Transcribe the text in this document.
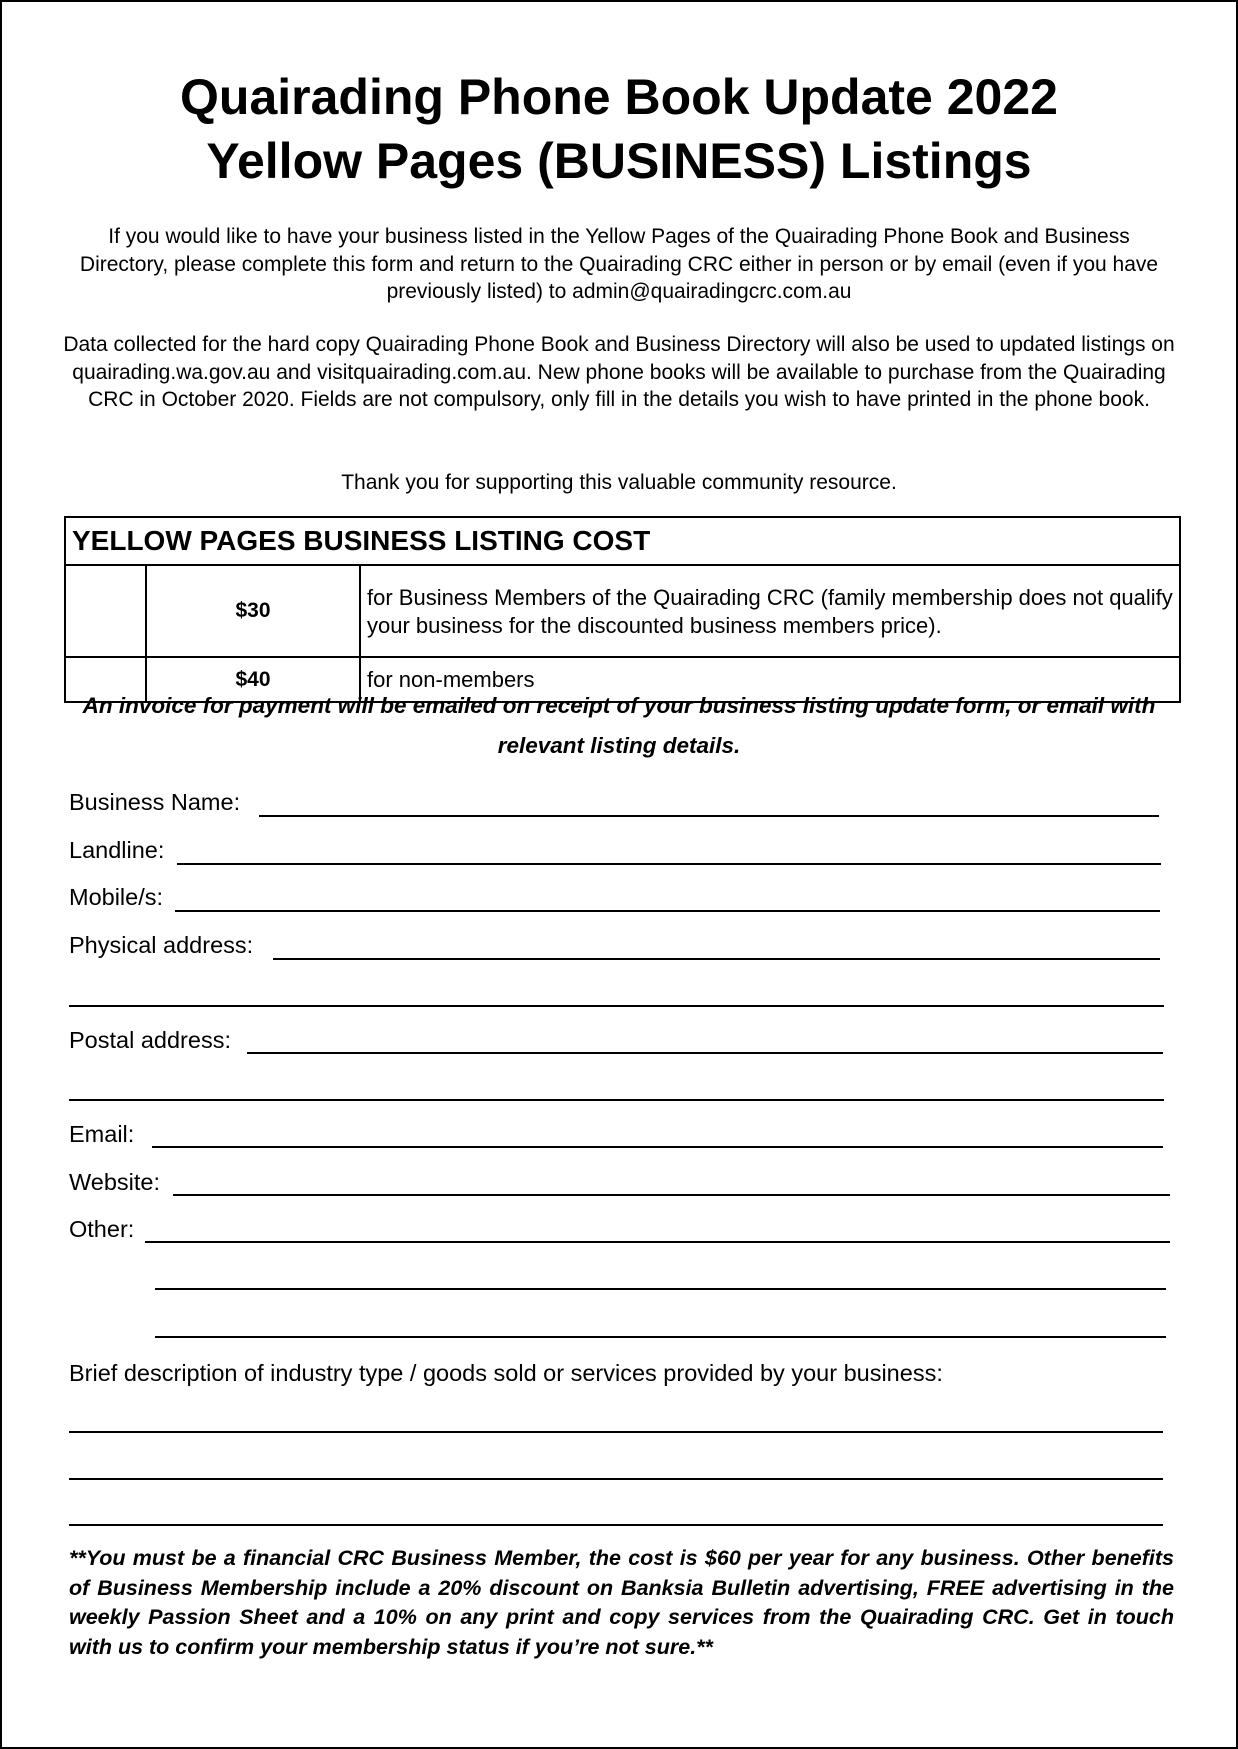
Quairading Phone Book Update 2022
Yellow Pages (BUSINESS) Listings

If you would like to have your business listed in the Yellow Pages of the Quairading Phone Book and Business Directory, please complete this form and return to the Quairading CRC either in person or by email (even if you have previously listed) to admin@quairadingcrc.com.au

Data collected for the hard copy Quairading Phone Book and Business Directory will also be used to updated listings on quairading.wa.gov.au and visitquairading.com.au. New phone books will be available to purchase from the Quairading CRC in October 2020. Fields are not compulsory, only fill in the details you wish to have printed in the phone book.

Thank you for supporting this valuable community resource.

YELLOW PAGES BUSINESS LISTING COST		
	$30	for Business Members of the Quairading CRC (family membership does not qualify your business for the discounted business members price).
	$40	for non-members

An invoice for payment will be emailed on receipt of your business listing update form, or email with relevant listing details.

Business Name:
Landline:
Mobile/s:
Physical address:
Postal address:
Email:
Website:
Other:
Brief description of industry type / goods sold or services provided by your business:

**You must be a financial CRC Business Member, the cost is $60 per year for any business. Other benefits of Business Membership include a 20% discount on Banksia Bulletin advertising, FREE advertising in the weekly Passion Sheet and a 10% on any print and copy services from the Quairading CRC. Get in touch with us to confirm your membership status if you’re not sure.**
